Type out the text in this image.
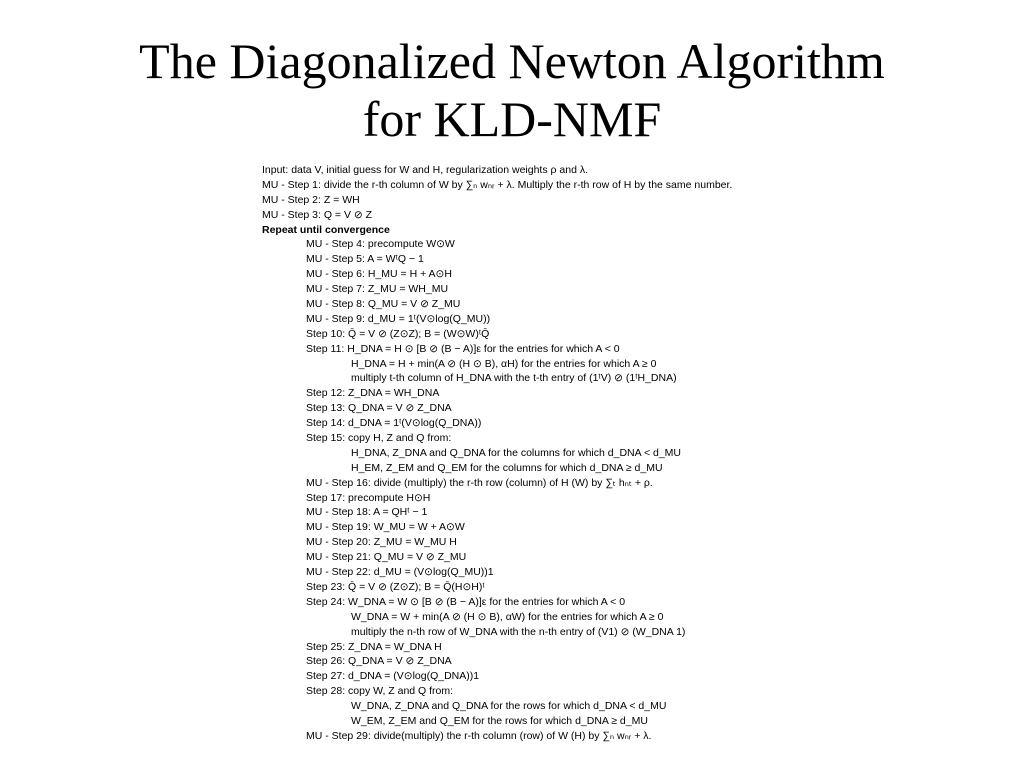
The Diagonalized Newton Algorithm
for KLD-NMF
Input: data V, initial guess for W and H, regularization weights ρ and λ.
MU - Step 1: divide the r-th column of W by ∑ₙ wₙᵣ + λ. Multiply the r-th row of H by the same number.
MU - Step 2: Z = WH
MU - Step 3: Q = V ⊘ Z
Repeat until convergence
MU - Step 4: precompute W⊙W
MU - Step 5: A = WᵗQ − 1
MU - Step 6: H_MU = H + A⊙H
MU - Step 7: Z_MU = WH_MU
MU - Step 8: Q_MU = V ⊘ Z_MU
MU - Step 9: d_MU = 1ᵗ(V⊙log(Q_MU))
Step 10: Q̄ = V ⊘ (Z⊙Z); B = (W⊙W)ᵗQ̄
Step 11: H_DNA = H ⊙ [B ⊘ (B − A)]ε for the entries for which A < 0
H_DNA = H + min(A ⊘ (H ⊙ B), αH) for the entries for which A ≥ 0
multiply t-th column of H_DNA with the t-th entry of (1ᵗV) ⊘ (1ᵗH_DNA)
Step 12: Z_DNA = WH_DNA
Step 13: Q_DNA = V ⊘ Z_DNA
Step 14: d_DNA = 1ᵗ(V⊙log(Q_DNA))
Step 15: copy H, Z and Q from:
H_DNA, Z_DNA and Q_DNA for the columns for which d_DNA < d_MU
H_EM, Z_EM and Q_EM for the columns for which d_DNA ≥ d_MU
MU - Step 16: divide (multiply) the r-th row (column) of H (W) by ∑ₜ hₙₜ + ρ.
Step 17: precompute H⊙H
MU - Step 18: A = QHᵗ − 1
MU - Step 19: W_MU = W + A⊙W
MU - Step 20: Z_MU = W_MU H
MU - Step 21: Q_MU = V ⊘ Z_MU
MU - Step 22: d_MU = (V⊙log(Q_MU))1
Step 23: Q̄ = V ⊘ (Z⊙Z); B = Q̄(H⊙H)ᵗ
Step 24: W_DNA = W ⊙ [B ⊘ (B − A)]ε for the entries for which A < 0
W_DNA = W + min(A ⊘ (H ⊙ B), αW) for the entries for which A ≥ 0
multiply the n-th row of W_DNA with the n-th entry of (V1) ⊘ (W_DNA 1)
Step 25: Z_DNA = W_DNA H
Step 26: Q_DNA = V ⊘ Z_DNA
Step 27: d_DNA = (V⊙log(Q_DNA))1
Step 28: copy W, Z and Q from:
W_DNA, Z_DNA and Q_DNA for the rows for which d_DNA < d_MU
W_EM, Z_EM and Q_EM for the rows for which d_DNA ≥ d_MU
MU - Step 29: divide(multiply) the r-th column (row) of W (H) by ∑ₙ wₙᵣ + λ.
